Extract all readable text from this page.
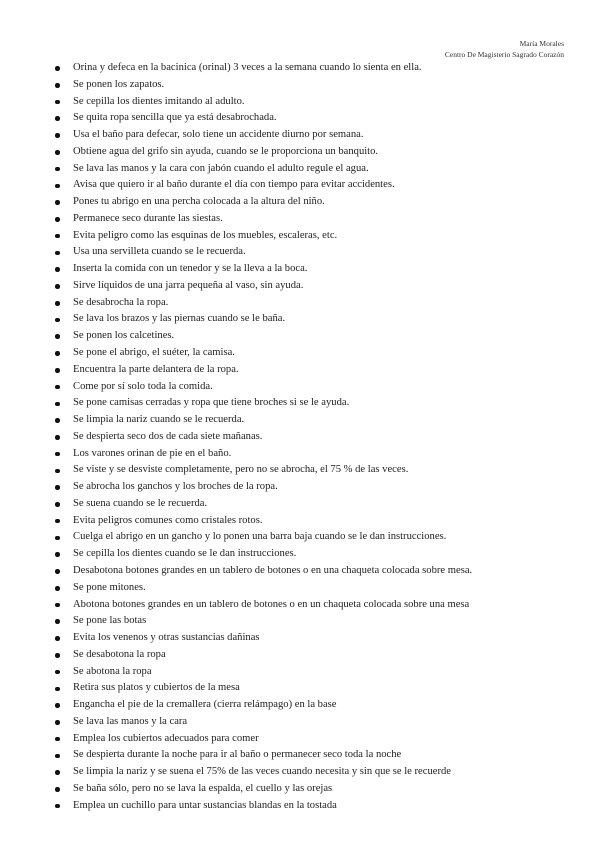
María Morales
Centro De Magisterio Sagrado Corazón
Orina y defeca en la bacinica (orinal) 3 veces a la semana cuando lo sienta en ella.
Se ponen los zapatos.
Se cepilla los dientes imitando al adulto.
Se quita ropa sencilla que ya está desabrochada.
Usa el baño para defecar, solo tiene un accidente diurno por semana.
Obtiene agua del grifo sin ayuda, cuando se le proporciona un banquito.
Se lava las manos y la cara con jabón cuando el adulto regule el agua.
Avisa que quiero ir al baño durante el día con tiempo para evitar accidentes.
Pones tu abrigo en una percha colocada a la altura del niño.
Permanece seco durante las siestas.
Evita peligro como las esquinas de los muebles, escaleras, etc.
Usa una servilleta cuando se le recuerda.
Inserta la comida con un tenedor y se la lleva a la boca.
Sirve líquidos de una jarra pequeña al vaso, sin ayuda.
Se desabrocha la ropa.
Se lava los brazos y las piernas cuando se le baña.
Se ponen los calcetines.
Se pone el abrigo, el suéter, la camisa.
Encuentra la parte delantera de la ropa.
Come por sí solo toda la comida.
Se pone camisas cerradas y ropa que tiene broches si se le ayuda.
Se limpia la nariz cuando se le recuerda.
Se despierta seco dos de cada siete mañanas.
Los varones orinan de pie en el baño.
Se viste y se desviste completamente, pero no se abrocha, el 75 % de las veces.
Se abrocha los ganchos y los broches de la ropa.
Se suena cuando se le recuerda.
Evita peligros comunes como cristales rotos.
Cuelga el abrigo en un gancho y lo ponen una barra baja cuando se le dan instrucciones.
Se cepilla los dientes cuando se le dan instrucciones.
Desabotona botones grandes en un tablero de botones o en una chaqueta colocada sobre mesa.
Se pone mitones.
Abotona botones grandes en un tablero de botones o en un chaqueta colocada sobre una mesa
Se pone las botas
Evita los venenos y otras sustancias dañinas
Se desabotona la ropa
Se abotona la ropa
Retira sus platos y cubiertos de la mesa
Engancha el pie de la cremallera (cierra relámpago) en la base
Se lava las manos y la cara
Emplea los cubiertos adecuados para comer
Se despierta durante la noche para ir al baño o permanecer seco toda la noche
Se limpia la nariz y se suena el 75% de las veces cuando necesita y sin que se le recuerde
Se baña sólo, pero no se lava la espalda, el cuello y las orejas
Emplea un cuchillo para untar sustancias blandas en la tostada
